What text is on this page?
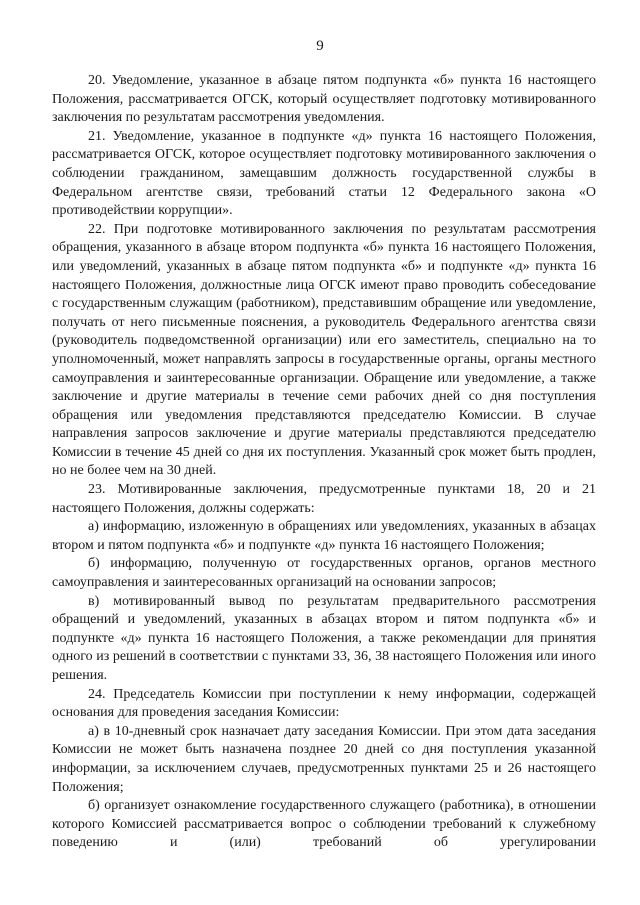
9

20. Уведомление, указанное в абзаце пятом подпункта «б» пункта 16 настоящего Положения, рассматривается ОГСК, который осуществляет подготовку мотивированного заключения по результатам рассмотрения уведомления.

21. Уведомление, указанное в подпункте «д» пункта 16 настоящего Положения, рассматривается ОГСК, которое осуществляет подготовку мотивированного заключения о соблюдении гражданином, замещавшим должность государственной службы в Федеральном агентстве связи, требований статьи 12 Федерального закона «О противодействии коррупции».

22. При подготовке мотивированного заключения по результатам рассмотрения обращения, указанного в абзаце втором подпункта «б» пункта 16 настоящего Положения, или уведомлений, указанных в абзаце пятом подпункта «б» и подпункте «д» пункта 16 настоящего Положения, должностные лица ОГСК имеют право проводить собеседование с государственным служащим (работником), представившим обращение или уведомление, получать от него письменные пояснения, а руководитель Федерального агентства связи (руководитель подведомственной организации) или его заместитель, специально на то уполномоченный, может направлять запросы в государственные органы, органы местного самоуправления и заинтересованные организации. Обращение или уведомление, а также заключение и другие материалы в течение семи рабочих дней со дня поступления обращения или уведомления представляются председателю Комиссии. В случае направления запросов заключение и другие материалы представляются председателю Комиссии в течение 45 дней со дня их поступления. Указанный срок может быть продлен, но не более чем на 30 дней.

23. Мотивированные заключения, предусмотренные пунктами 18, 20 и 21 настоящего Положения, должны содержать:

а) информацию, изложенную в обращениях или уведомлениях, указанных в абзацах втором и пятом подпункта «б» и подпункте «д» пункта 16 настоящего Положения;

б) информацию, полученную от государственных органов, органов местного самоуправления и заинтересованных организаций на основании запросов;

в) мотивированный вывод по результатам предварительного рассмотрения обращений и уведомлений, указанных в абзацах втором и пятом подпункта «б» и подпункте «д» пункта 16 настоящего Положения, а также рекомендации для принятия одного из решений в соответствии с пунктами 33, 36, 38 настоящего Положения или иного решения.

24. Председатель Комиссии при поступлении к нему информации, содержащей основания для проведения заседания Комиссии:

а) в 10-дневный срок назначает дату заседания Комиссии. При этом дата заседания Комиссии не может быть назначена позднее 20 дней со дня поступления указанной информации, за исключением случаев, предусмотренных пунктами 25 и 26 настоящего Положения;

б) организует ознакомление государственного служащего (работника), в отношении которого Комиссией рассматривается вопрос о соблюдении требований к служебному поведению и (или) требований об урегулировании
